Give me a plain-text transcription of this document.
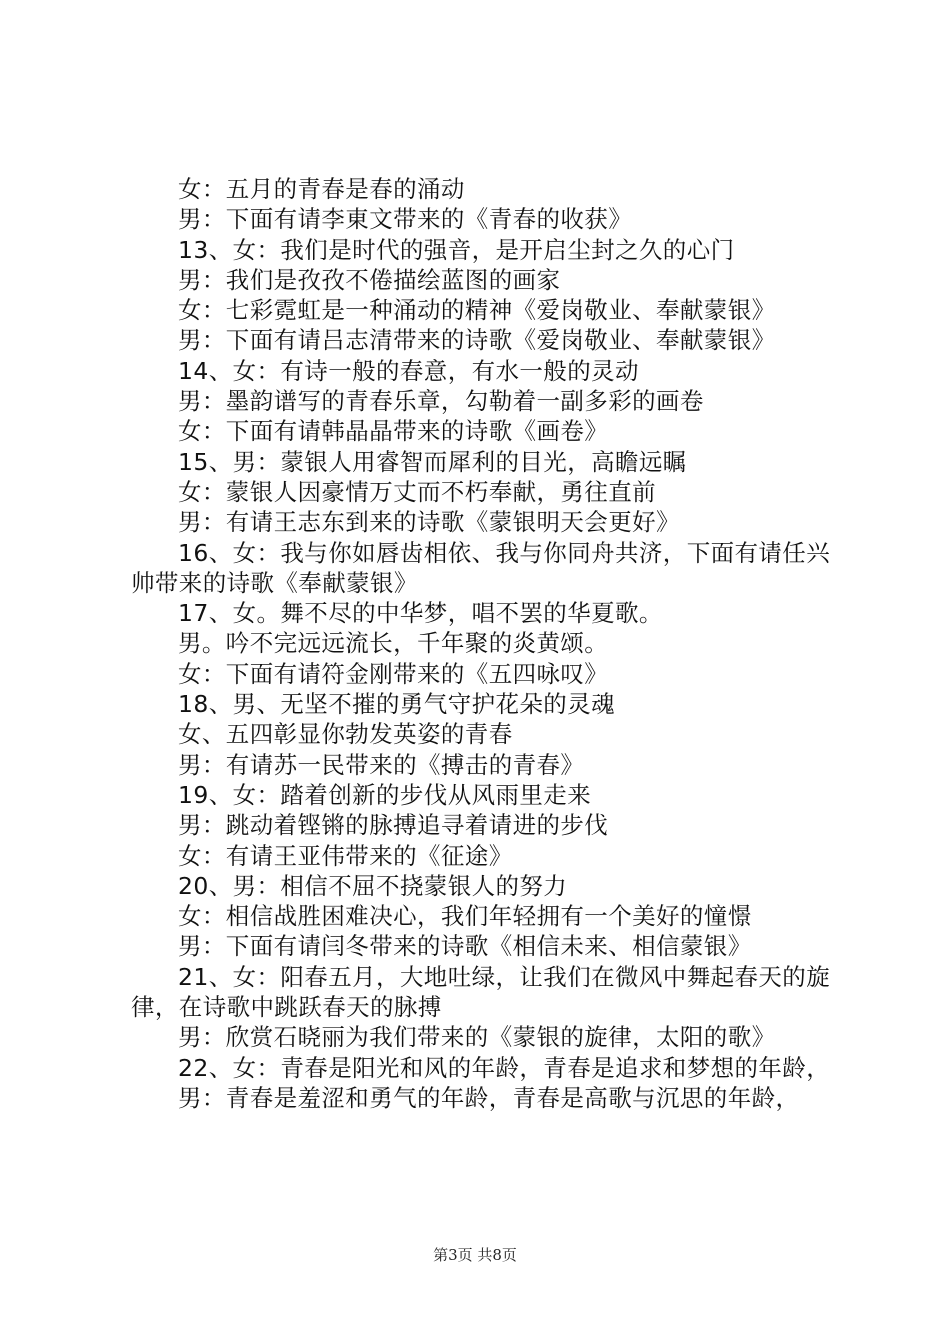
女：五月的青春是春的涌动

男：下面有请李東文带来的《青春的收获》

13、女：我们是时代的强音，是开启尘封之久的心门

男：我们是孜孜不倦描绘蓝图的画家

女：七彩霓虹是一种涌动的精神《爱岗敬业、奉献蒙银》

男：下面有请吕志清带来的诗歌《爱岗敬业、奉献蒙银》

14、女：有诗一般的春意，有水一般的灵动

男：墨韵谱写的青春乐章，勾勒着一副多彩的画卷

女：下面有请韩晶晶带来的诗歌《画卷》

15、男：蒙银人用睿智而犀利的目光，高瞻远瞩

女：蒙银人因豪情万丈而不朽奉献，勇往直前

男：有请王志东到来的诗歌《蒙银明天会更好》

16、女：我与你如唇齿相依、我与你同舟共济，下面有请任兴帅带来的诗歌《奉献蒙银》

17、女。舞不尽的中华梦，唱不罢的华夏歌。

男。吟不完远远流长，千年聚的炎黄颂。

女：下面有请符金刚带来的《五四咏叹》

18、男、无坚不摧的勇气守护花朵的灵魂

女、五四彰显你勃发英姿的青春

男：有请苏一民带来的《搏击的青春》

19、女：踏着创新的步伐从风雨里走来

男：跳动着铿锵的脉搏追寻着请进的步伐

女：有请王亚伟带来的《征途》

20、男：相信不屈不挠蒙银人的努力

女：相信战胜困难决心，我们年轻拥有一个美好的憧憬

男：下面有请闫冬带来的诗歌《相信未来、相信蒙银》

21、女：阳春五月，大地吐绿，让我们在微风中舞起春天的旋律，在诗歌中跳跃春天的脉搏

男：欣赏石晓丽为我们带来的《蒙银的旋律，太阳的歌》

22、女：青春是阳光和风的年龄，青春是追求和梦想的年龄，

男：青春是羞涩和勇气的年龄，青春是高歌与沉思的年龄，

第3页 共8页
